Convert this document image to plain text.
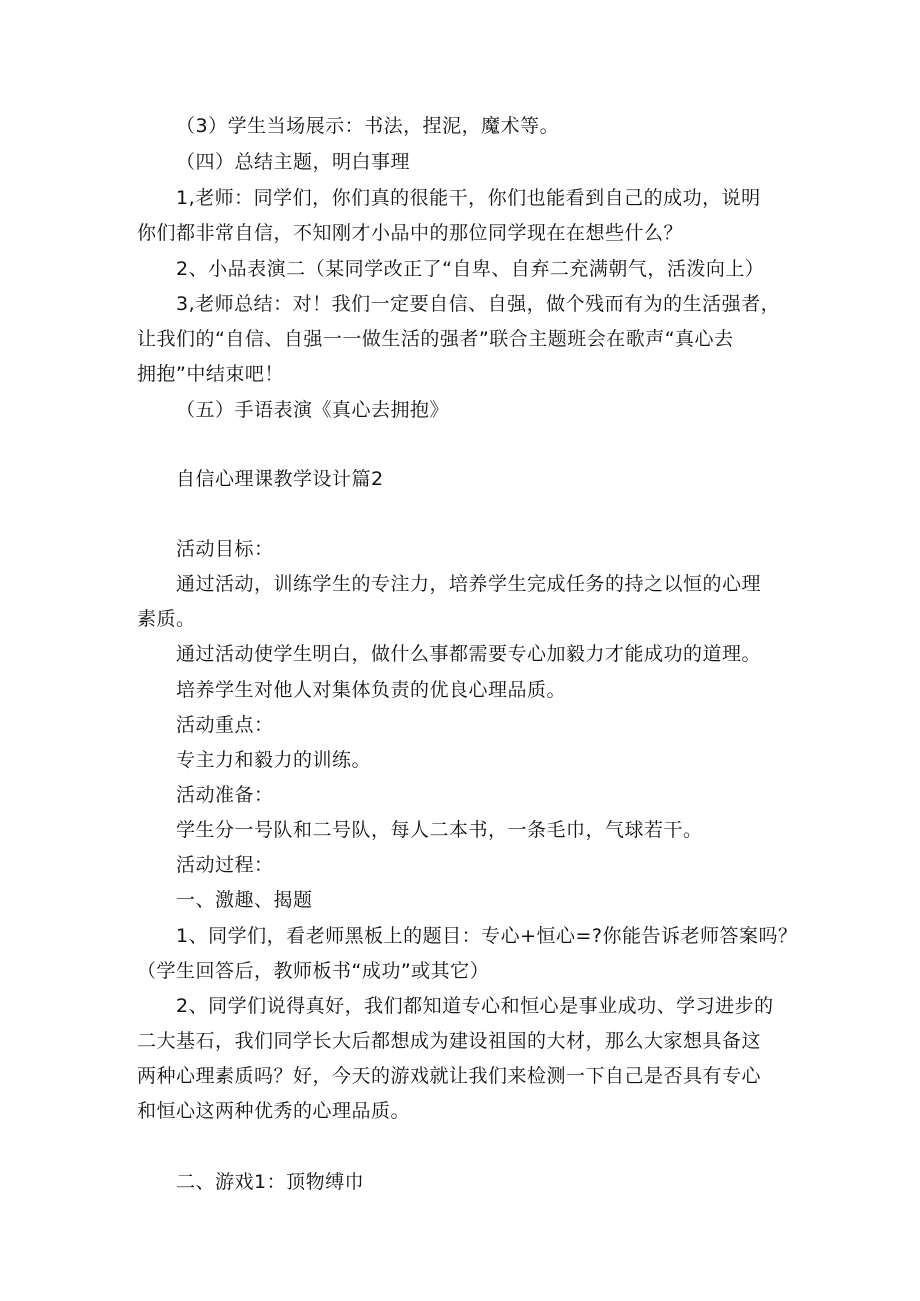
（3）学生当场展示：书法，捏泥，魔术等。
（四）总结主题，明白事理
1,老师：同学们，你们真的很能干，你们也能看到自己的成功，说明
你们都非常自信，不知刚才小品中的那位同学现在在想些什么？
2、小品表演二（某同学改正了“自卑、自弃二充满朝气，活泼向上）
3,老师总结：对！我们一定要自信、自强，做个残而有为的生活强者，
让我们的“自信、自强一一做生活的强者”联合主题班会在歌声“真心去
拥抱”中结束吧！
（五）手语表演《真心去拥抱》
自信心理课教学设计篇2
活动目标：
通过活动，训练学生的专注力，培养学生完成任务的持之以恒的心理
素质。
通过活动使学生明白，做什么事都需要专心加毅力才能成功的道理。
培养学生对他人对集体负责的优良心理品质。
活动重点：
专主力和毅力的训练。
活动准备：
学生分一号队和二号队，每人二本书，一条毛巾，气球若干。
活动过程：
一、激趣、揭题
1、同学们，看老师黑板上的题目：专心+恒心=?你能告诉老师答案吗？
（学生回答后，教师板书“成功”或其它）
2、同学们说得真好，我们都知道专心和恒心是事业成功、学习进步的
二大基石，我们同学长大后都想成为建设祖国的大材，那么大家想具备这
两种心理素质吗？好，今天的游戏就让我们来检测一下自己是否具有专心
和恒心这两种优秀的心理品质。
二、游戏1：顶物缚巾
